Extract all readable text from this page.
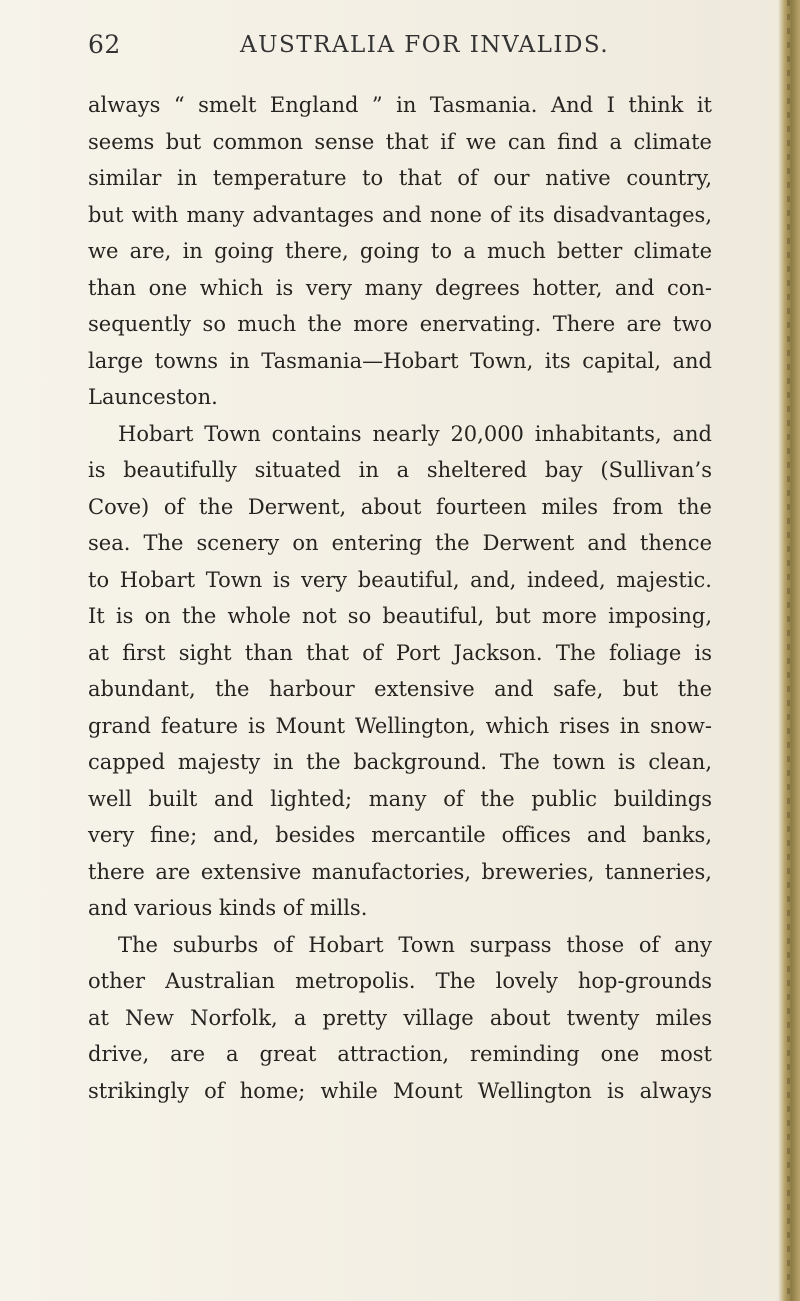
62	AUSTRALIA FOR INVALIDS.
always “ smelt England ” in Tasmania. And I think it
seems but common sense that if we can find a climate
similar in temperature to that of our native country,
but with many advantages and none of its disadvantages,
we are, in going there, going to a much better climate
than one which is very many degrees hotter, and con-
sequently so much the more enervating. There are two
large towns in Tasmania—Hobart Town, its capital, and
Launceston.
Hobart Town contains nearly 20,000 inhabitants, and
is beautifully situated in a sheltered bay (Sullivan’s
Cove) of the Derwent, about fourteen miles from the
sea. The scenery on entering the Derwent and thence
to Hobart Town is very beautiful, and, indeed, majestic.
It is on the whole not so beautiful, but more imposing,
at first sight than that of Port Jackson. The foliage is
abundant, the harbour extensive and safe, but the
grand feature is Mount Wellington, which rises in snow-
capped majesty in the background. The town is clean,
well built and lighted; many of the public buildings
very fine; and, besides mercantile offices and banks,
there are extensive manufactories, breweries, tanneries,
and various kinds of mills.
The suburbs of Hobart Town surpass those of any
other Australian metropolis. The lovely hop-grounds
at New Norfolk, a pretty village about twenty miles
drive, are a great attraction, reminding one most
strikingly of home; while Mount Wellington is always
